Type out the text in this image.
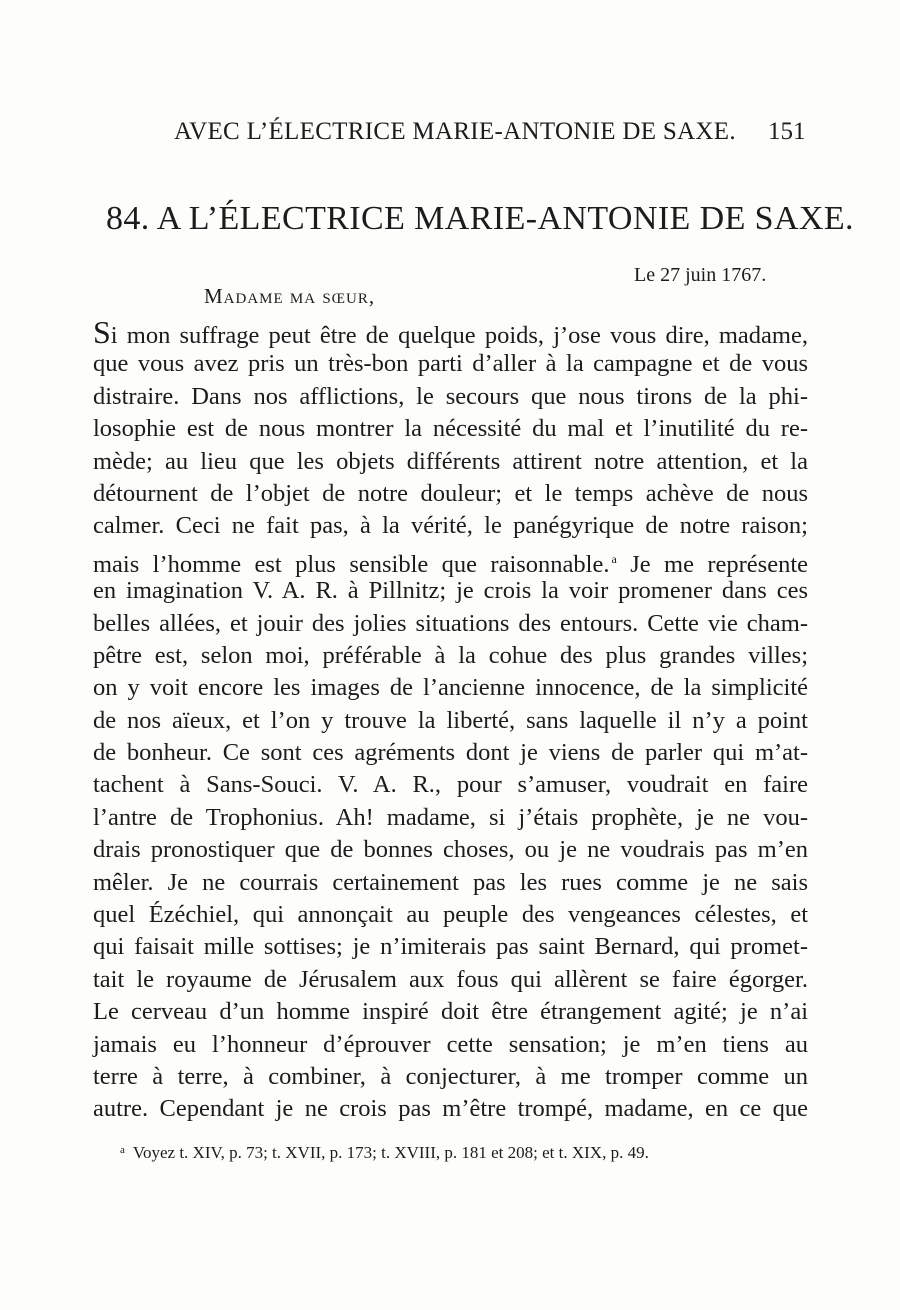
AVEC L’ÉLECTRICE MARIE-ANTONIE DE SAXE. 151
84. A L’ÉLECTRICE MARIE-ANTONIE DE SAXE.
Le 27 juin 1767.
Madame ma sœur,
Si mon suffrage peut être de quelque poids, j’ose vous dire, madame,
que vous avez pris un très-bon parti d’aller à la campagne et de vous
distraire. Dans nos afflictions, le secours que nous tirons de la phi-
losophie est de nous montrer la nécessité du mal et l’inutilité du re-
mède; au lieu que les objets différents attirent notre attention, et la
détournent de l’objet de notre douleur; et le temps achève de nous
calmer. Ceci ne fait pas, à la vérité, le panégyrique de notre raison;
mais l’homme est plus sensible que raisonnable. $^a$ Je me représente
en imagination V. A. R. à Pillnitz; je crois la voir promener dans ces
belles allées, et jouir des jolies situations des entours. Cette vie cham-
pêtre est, selon moi, préférable à la cohue des plus grandes villes;
on y voit encore les images de l’ancienne innocence, de la simplicité
de nos aïeux, et l’on y trouve la liberté, sans laquelle il n’y a point
de bonheur. Ce sont ces agréments dont je viens de parler qui m’at-
tachent à Sans-Souci. V. A. R., pour s’amuser, voudrait en faire
l’antre de Trophonius. Ah! madame, si j’étais prophète, je ne vou-
drais pronostiquer que de bonnes choses, ou je ne voudrais pas m’en
mêler. Je ne courrais certainement pas les rues comme je ne sais
quel Ézéchiel, qui annonçait au peuple des vengeances célestes, et
qui faisait mille sottises; je n’imiterais pas saint Bernard, qui promet-
tait le royaume de Jérusalem aux fous qui allèrent se faire égorger.
Le cerveau d’un homme inspiré doit être étrangement agité; je n’ai
jamais eu l’honneur d’éprouver cette sensation; je m’en tiens au
terre à terre, à combiner, à conjecturer, à me tromper comme un
autre. Cependant je ne crois pas m’être trompé, madame, en ce que
$^a$ Voyez t. XIV, p. 73; t. XVII, p. 173; t. XVIII, p. 181 et 208; et t. XIX, p. 49.
